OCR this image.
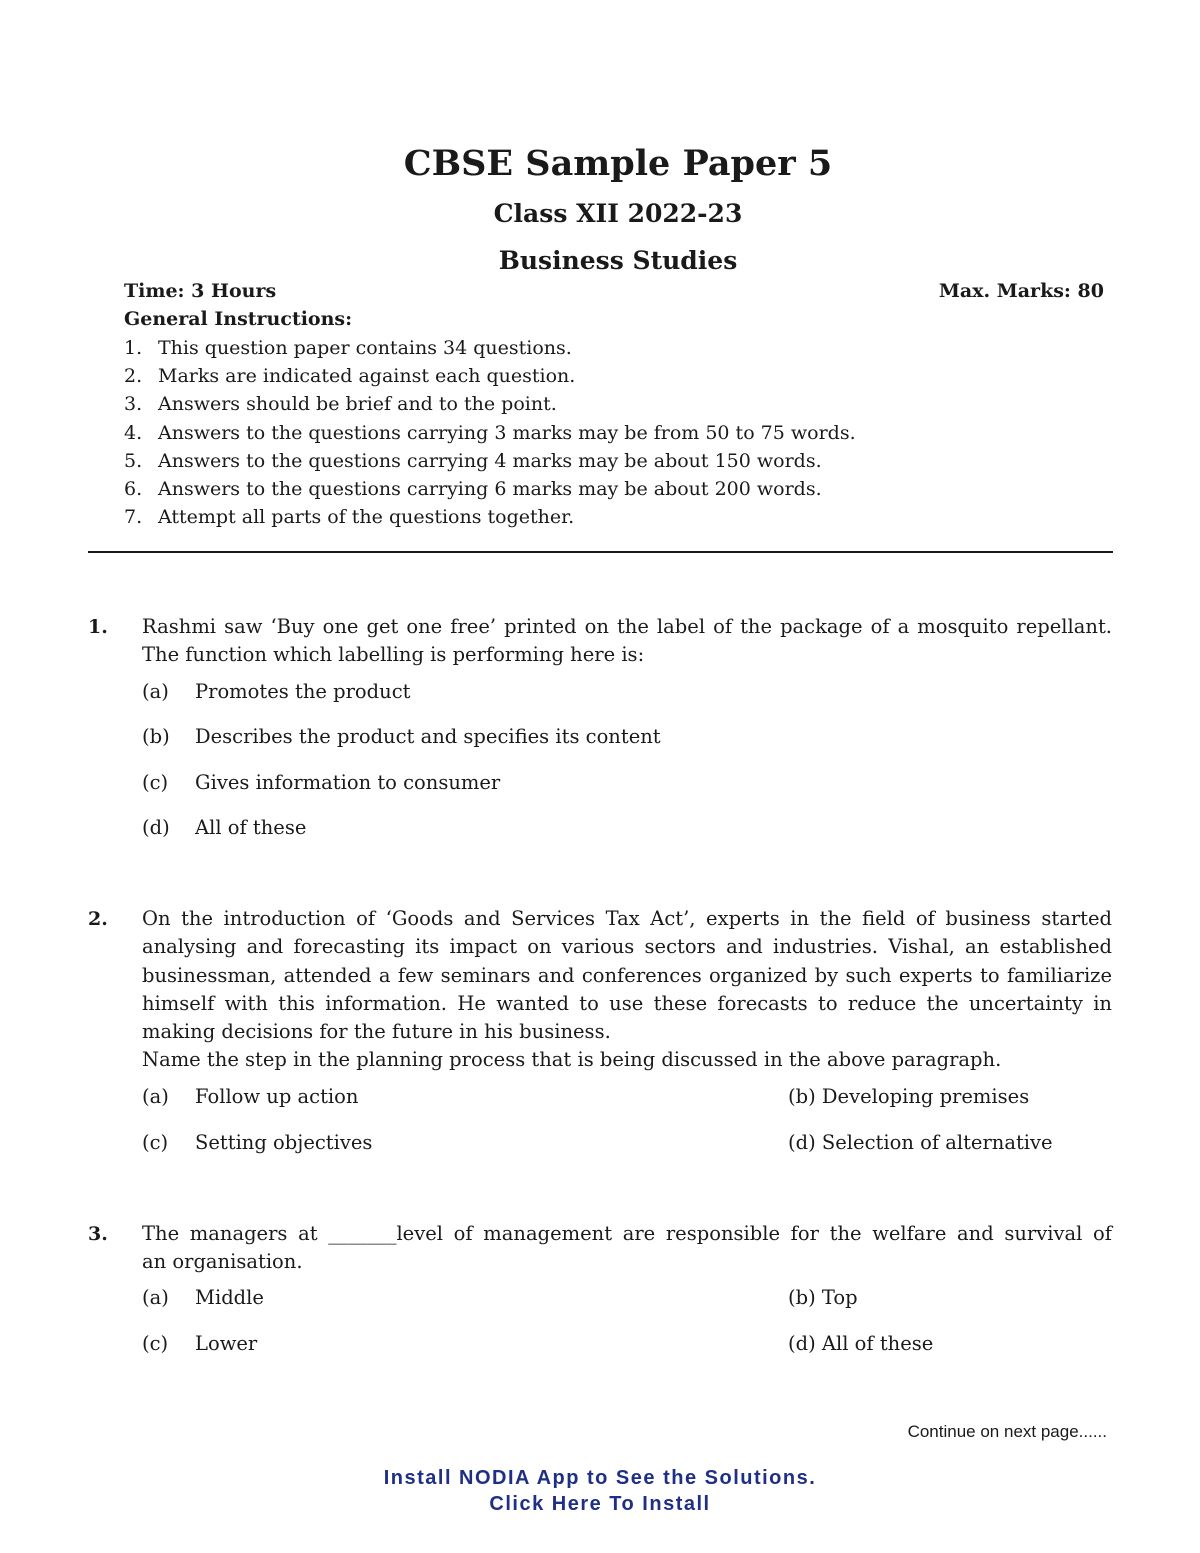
CBSE Sample Paper 5
Class XII 2022-23
Business Studies
Time: 3 Hours	Max. Marks: 80
General Instructions:
1. This question paper contains 34 questions.
2. Marks are indicated against each question.
3. Answers should be brief and to the point.
4. Answers to the questions carrying 3 marks may be from 50 to 75 words.
5. Answers to the questions carrying 4 marks may be about 150 words.
6. Answers to the questions carrying 6 marks may be about 200 words.
7. Attempt all parts of the questions together.
1. Rashmi saw ‘Buy one get one free’ printed on the label of the package of a mosquito repellant.
The function which labelling is performing here is:
(a) Promotes the product
(b) Describes the product and specifies its content
(c) Gives information to consumer
(d) All of these
2. On the introduction of ‘Goods and Services Tax Act’, experts in the field of business started
analysing and forecasting its impact on various sectors and industries. Vishal, an established
businessman, attended a few seminars and conferences organized by such experts to familiarize
himself with this information. He wanted to use these forecasts to reduce the uncertainty in
making decisions for the future in his business.
Name the step in the planning process that is being discussed in the above paragraph.
(a) Follow up action	(b) Developing premises
(c) Setting objectives	(d) Selection of alternative
3. The managers at _______level of management are responsible for the welfare and survival of
an organisation.
(a) Middle	(b) Top
(c) Lower	(d) All of these
Continue on next page......
Install NODIA App to See the Solutions.
Click Here To Install
